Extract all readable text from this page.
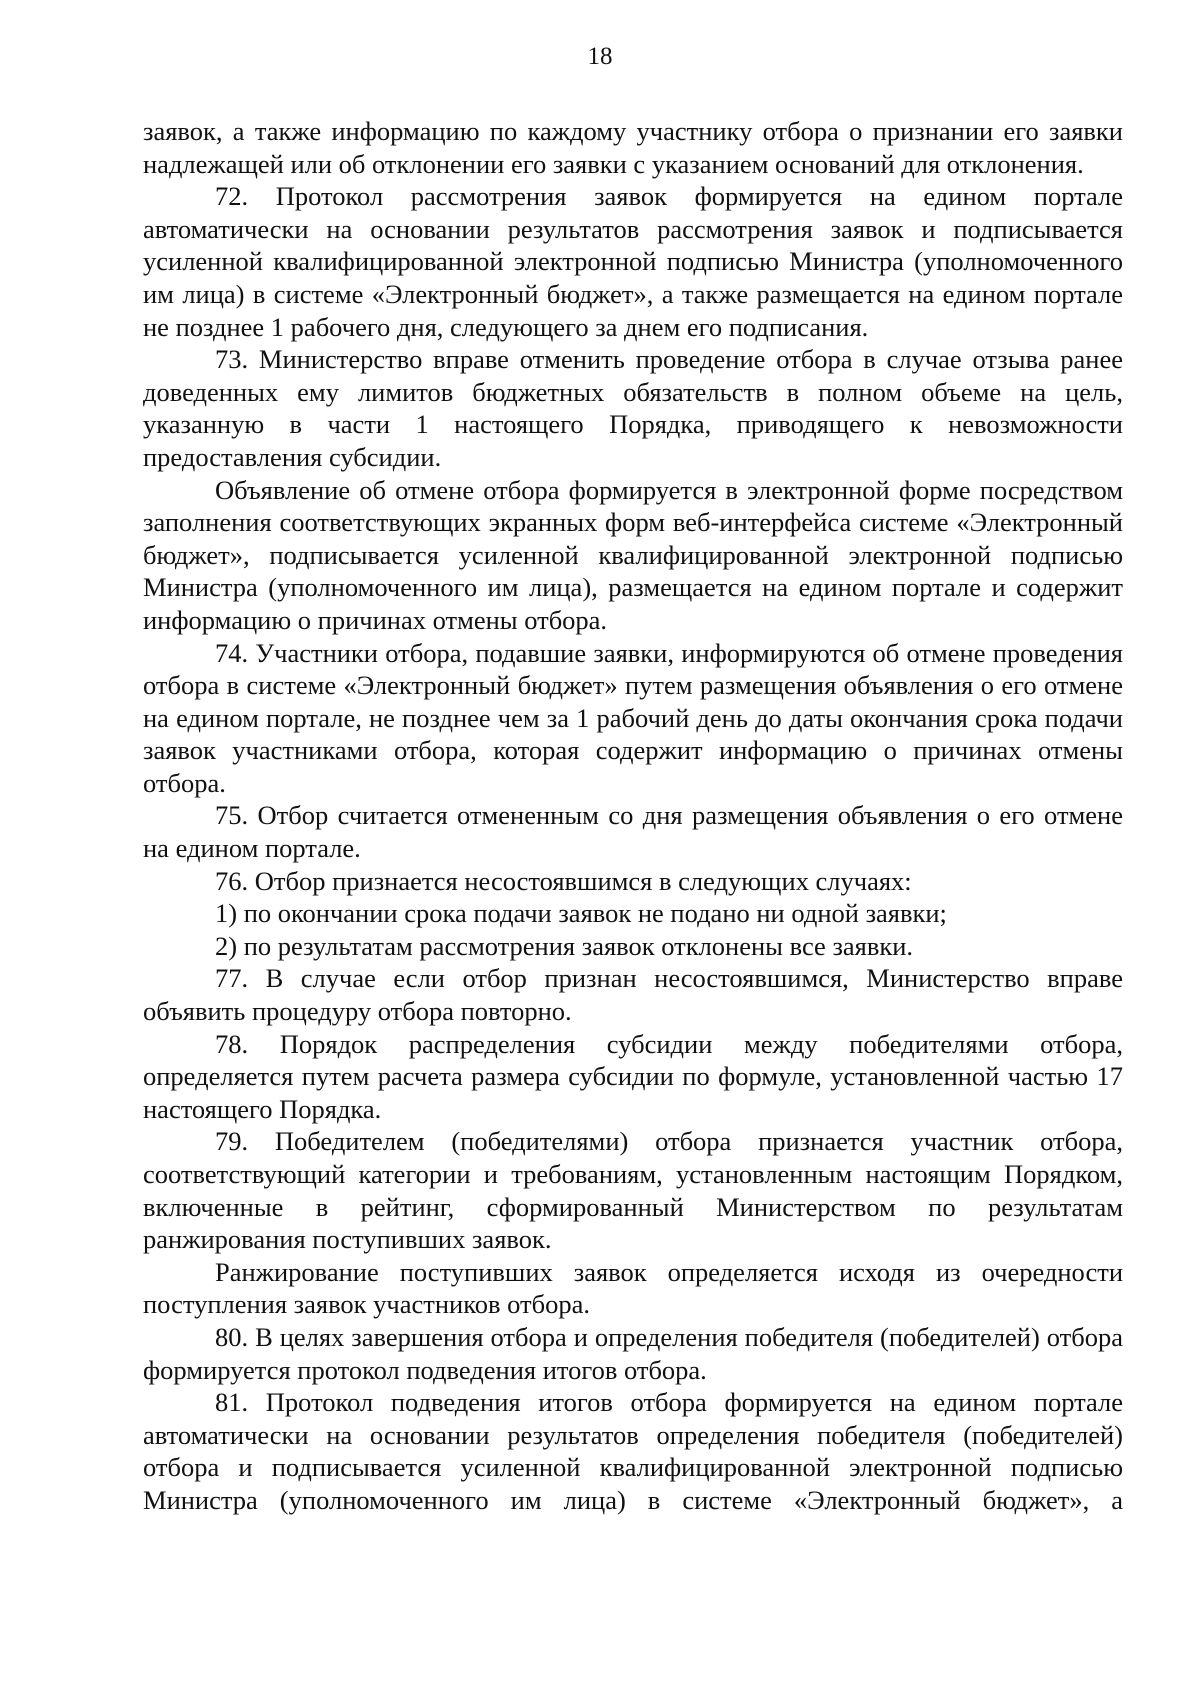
18

заявок, а также информацию по каждому участнику отбора о признании его заявки надлежащей или об отклонении его заявки с указанием оснований для отклонения.

72. Протокол рассмотрения заявок формируется на едином портале автоматически на основании результатов рассмотрения заявок и подписывается усиленной квалифицированной электронной подписью Министра (уполномоченного им лица) в системе «Электронный бюджет», а также размещается на едином портале не позднее 1 рабочего дня, следующего за днем его подписания.

73. Министерство вправе отменить проведение отбора в случае отзыва ранее доведенных ему лимитов бюджетных обязательств в полном объеме на цель, указанную в части 1 настоящего Порядка, приводящего к невозможности предоставления субсидии.

Объявление об отмене отбора формируется в электронной форме посредством заполнения соответствующих экранных форм веб-интерфейса системе «Электронный бюджет», подписывается усиленной квалифицированной электронной подписью Министра (уполномоченного им лица), размещается на едином портале и содержит информацию о причинах отмены отбора.

74. Участники отбора, подавшие заявки, информируются об отмене проведения отбора в системе «Электронный бюджет» путем размещения объявления о его отмене на едином портале, не позднее чем за 1 рабочий день до даты окончания срока подачи заявок участниками отбора, которая содержит информацию о причинах отмены отбора.

75. Отбор считается отмененным со дня размещения объявления о его отмене на едином портале.

76. Отбор признается несостоявшимся в следующих случаях:

1) по окончании срока подачи заявок не подано ни одной заявки;

2) по результатам рассмотрения заявок отклонены все заявки.

77. В случае если отбор признан несостоявшимся, Министерство вправе объявить процедуру отбора повторно.

78. Порядок распределения субсидии между победителями отбора, определяется путем расчета размера субсидии по формуле, установленной частью 17 настоящего Порядка.

79. Победителем (победителями) отбора признается участник отбора, соответствующий категории и требованиям, установленным настоящим Порядком, включенные в рейтинг, сформированный Министерством по результатам ранжирования поступивших заявок.

Ранжирование поступивших заявок определяется исходя из очередности поступления заявок участников отбора.

80. В целях завершения отбора и определения победителя (победителей) отбора формируется протокол подведения итогов отбора.

81. Протокол подведения итогов отбора формируется на едином портале автоматически на основании результатов определения победителя (победителей) отбора и подписывается усиленной квалифицированной электронной подписью Министра (уполномоченного им лица) в системе «Электронный бюджет», а
